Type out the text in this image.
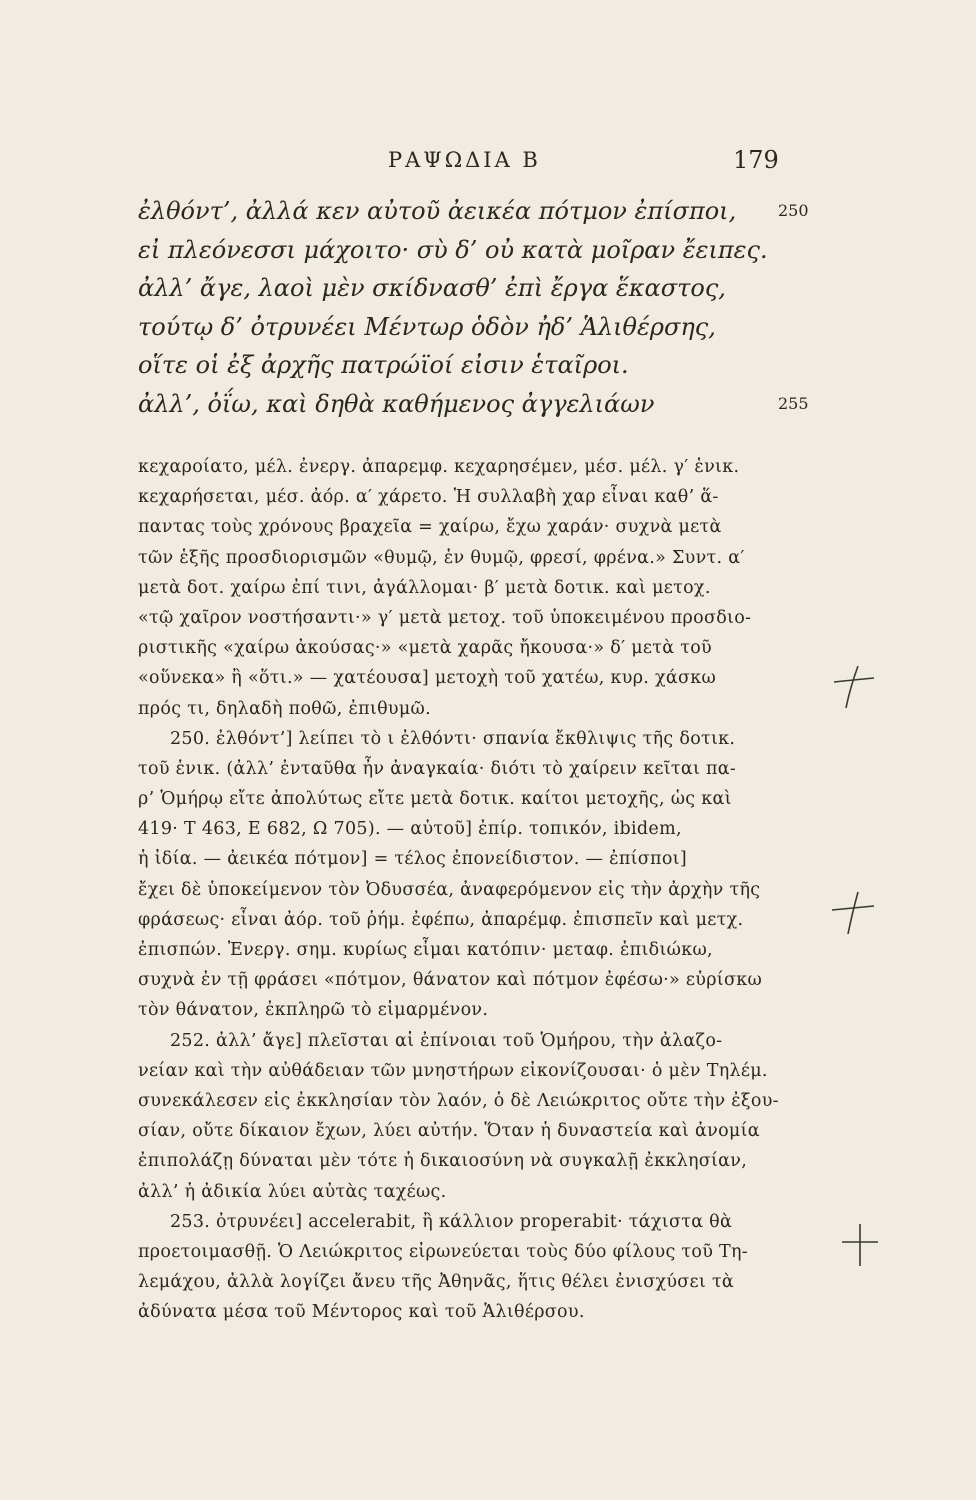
ΡΑΨΩΔΙΑ Β	179
ἐλθόντ’, ἀλλά κεν αὐτοῦ ἀεικέα πότμον ἐπίσποι,	250
εἰ πλεόνεσσι μάχοιτο· σὺ δ’ οὐ κατὰ μοῖραν ἔειπες.
ἀλλ’ ἄγε, λαοὶ μὲν σκίδνασθ’ ἐπὶ ἔργα ἕκαστος,
τούτῳ δ’ ὀτρυνέει Μέντωρ ὁδὸν ἠδ’ Ἁλιθέρσης,
οἵτε οἱ ἐξ ἀρχῆς πατρώϊοί εἰσιν ἑταῖροι.
ἀλλ’, ὀΐω, καὶ δηθὰ καθήμενος ἀγγελιάων	255
κεχαροίατο, μέλ. ἐνεργ. ἀπαρεμφ. κεχαρησέμεν, μέσ. μέλ. γ′ ἑνικ.
κεχαρήσεται, μέσ. ἀόρ. α′ χάρετο. Ἡ συλλαβὴ χαρ εἶναι καθ’ ἅ-
παντας τοὺς χρόνους βραχεῖα = χαίρω, ἔχω χαράν· συχνὰ μετὰ
τῶν ἑξῆς προσδιορισμῶν «θυμῷ, ἐν θυμῷ, φρεσί, φρένα.» Συντ. α′
μετὰ δοτ. χαίρω ἐπί τινι, ἀγάλλομαι· β′ μετὰ δοτικ. καὶ μετοχ.
«τῷ χαῖρον νοστήσαντι·» γ′ μετὰ μετοχ. τοῦ ὑποκειμένου προσδιο-
ριστικῆς «χαίρω ἀκούσας·» «μετὰ χαρᾶς ἤκουσα·» δ′ μετὰ τοῦ
«οὕνεκα» ἢ «ὅτι.» — χατέουσα] μετοχὴ τοῦ χατέω, κυρ. χάσκω
πρός τι, δηλαδὴ ποθῶ, ἐπιθυμῶ.
250. ἐλθόντ’] λείπει τὸ ι ἐλθόντι· σπανία ἔκθλιψις τῆς δοτικ.
τοῦ ἑνικ. (ἀλλ’ ἐνταῦθα ἦν ἀναγκαία· διότι τὸ χαίρειν κεῖται πα-
ρ’ Ὁμήρῳ εἴτε ἀπολύτως εἴτε μετὰ δοτικ. καίτοι μετοχῆς, ὡς καὶ
419· Τ 463, Ε 682, Ω 705). — αὐτοῦ] ἐπίρ. τοπικόν, ibidem,
ἡ ἰδία. — ἀεικέα πότμον] = τέλος ἐπονείδιστον. — ἐπίσποι]
ἔχει δὲ ὑποκείμενον τὸν Ὀδυσσέα, ἀναφερόμενον εἰς τὴν ἀρχὴν τῆς
φράσεως· εἶναι ἀόρ. τοῦ ῥήμ. ἐφέπω, ἀπαρέμφ. ἐπισπεῖν καὶ μετχ.
ἐπισπών. Ἐνεργ. σημ. κυρίως εἶμαι κατόπιν· μεταφ. ἐπιδιώκω,
συχνὰ ἐν τῇ φράσει «πότμον, θάνατον καὶ πότμον ἐφέσω·» εὑρίσκω
τὸν θάνατον, ἐκπληρῶ τὸ εἱμαρμένον.
252. ἀλλ’ ἄγε] πλεῖσται αἱ ἐπίνοιαι τοῦ Ὁμήρου, τὴν ἀλαζο-
νείαν καὶ τὴν αὐθάδειαν τῶν μνηστήρων εἰκονίζουσαι· ὁ μὲν Τηλέμ.
συνεκάλεσεν εἰς ἐκκλησίαν τὸν λαόν, ὁ δὲ Λειώκριτος οὔτε τὴν ἐξου-
σίαν, οὔτε δίκαιον ἔχων, λύει αὐτήν. Ὅταν ἡ δυναστεία καὶ ἀνομία
ἐπιπολάζῃ δύναται μὲν τότε ἡ δικαιοσύνη νὰ συγκαλῇ ἐκκλησίαν,
ἀλλ’ ἡ ἀδικία λύει αὐτὰς ταχέως.
253. ὀτρυνέει] accelerabit, ἢ κάλλιον properabit· τάχιστα θὰ
προετοιμασθῇ. Ὁ Λειώκριτος εἰρωνεύεται τοὺς δύο φίλους τοῦ Τη-
λεμάχου, ἀλλὰ λογίζει ἄνευ τῆς Ἀθηνᾶς, ἥτις θέλει ἐνισχύσει τὰ
ἀδύνατα μέσα τοῦ Μέντορος καὶ τοῦ Ἁλιθέρσου.
